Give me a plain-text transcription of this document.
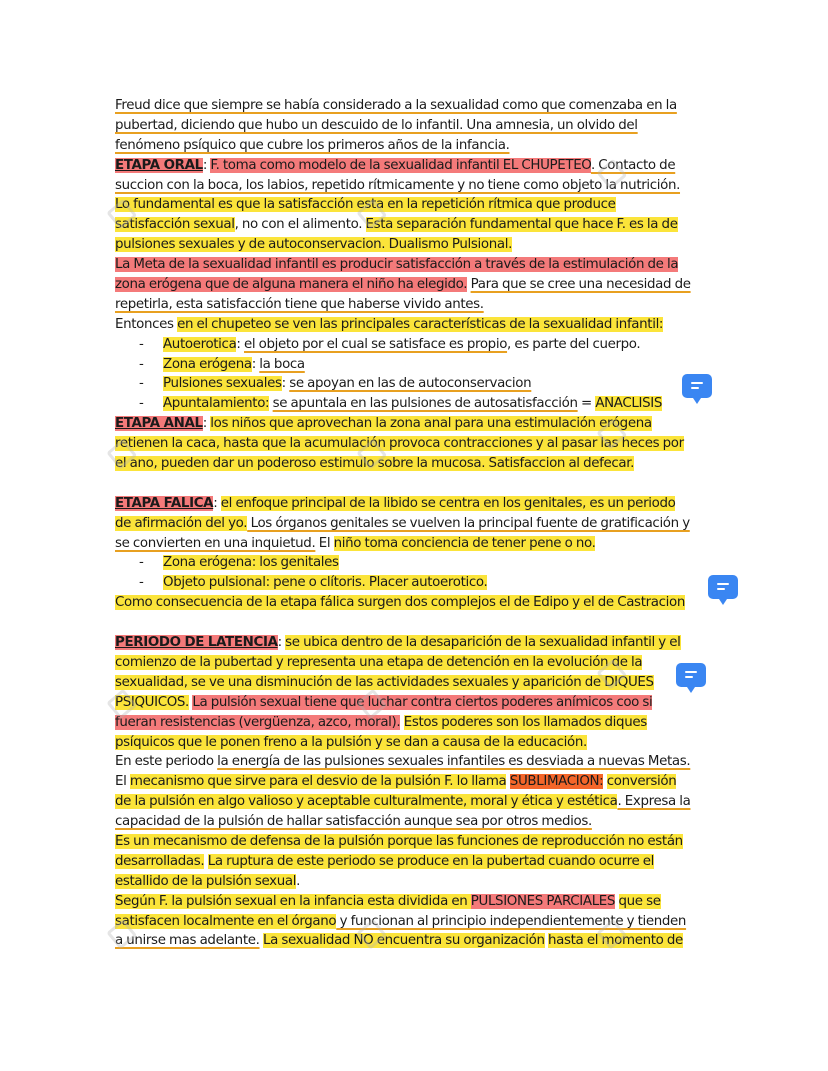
Freud dice que siempre se había considerado a la sexualidad como que comenzaba en la
pubertad, diciendo que hubo un descuido de lo infantil. Una amnesia, un olvido del
fenómeno psíquico que cubre los primeros años de la infancia.
ETAPA ORAL: F. toma como modelo de la sexualidad infantil EL CHUPETEO. Contacto de
succion con la boca, los labios, repetido rítmicamente y no tiene como objeto la nutrición.
Lo fundamental es que la satisfacción esta en la repetición rítmica que produce
satisfacción sexual, no con el alimento. Esta separación fundamental que hace F. es la de
pulsiones sexuales y de autoconservacion. Dualismo Pulsional.
La Meta de la sexualidad infantil es producir satisfacción a través de la estimulación de la
zona erógena que de alguna manera el niño ha elegido. Para que se cree una necesidad de
repetirla, esta satisfacción tiene que haberse vivido antes.
Entonces en el chupeteo se ven las principales características de la sexualidad infantil:
- Autoerotica: el objeto por el cual se satisface es propio, es parte del cuerpo.
- Zona erógena: la boca
- Pulsiones sexuales: se apoyan en las de autoconservacion
- Apuntalamiento: se apuntala en las pulsiones de autosatisfacción = ANACLISIS
ETAPA ANAL: los niños que aprovechan la zona anal para una estimulación erógena
retienen la caca, hasta que la acumulación provoca contracciones y al pasar las heces por
el ano, pueden dar un poderoso estimulo sobre la mucosa. Satisfaccion al defecar.
ETAPA FALICA: el enfoque principal de la libido se centra en los genitales, es un periodo
de afirmación del yo. Los órganos genitales se vuelven la principal fuente de gratificación y
se convierten en una inquietud. El niño toma conciencia de tener pene o no.
- Zona erógena: los genitales
- Objeto pulsional: pene o clítoris. Placer autoerotico.
Como consecuencia de la etapa fálica surgen dos complejos el de Edipo y el de Castracion
PERIODO DE LATENCIA: se ubica dentro de la desaparición de la sexualidad infantil y el
comienzo de la pubertad y representa una etapa de detención en la evolución de la
sexualidad, se ve una disminución de las actividades sexuales y aparición de DIQUES
PSIQUICOS. La pulsión sexual tiene que luchar contra ciertos poderes anímicos coo si
fueran resistencias (vergüenza, azco, moral). Estos poderes son los llamados diques
psíquicos que le ponen freno a la pulsión y se dan a causa de la educación.
En este periodo la energía de las pulsiones sexuales infantiles es desviada a nuevas Metas.
El mecanismo que sirve para el desvio de la pulsión F. lo llama SUBLIMACION: conversión
de la pulsión en algo valioso y aceptable culturalmente, moral y ética y estética. Expresa la
capacidad de la pulsión de hallar satisfacción aunque sea por otros medios.
Es un mecanismo de defensa de la pulsión porque las funciones de reproducción no están
desarrolladas. La ruptura de este periodo se produce en la pubertad cuando ocurre el
estallido de la pulsión sexual.
Según F. la pulsión sexual en la infancia esta dividida en PULSIONES PARCIALES que se
satisfacen localmente en el órgano y funcionan al principio independientemente y tienden
a unirse mas adelante. La sexualidad NO encuentra su organización hasta el momento de
